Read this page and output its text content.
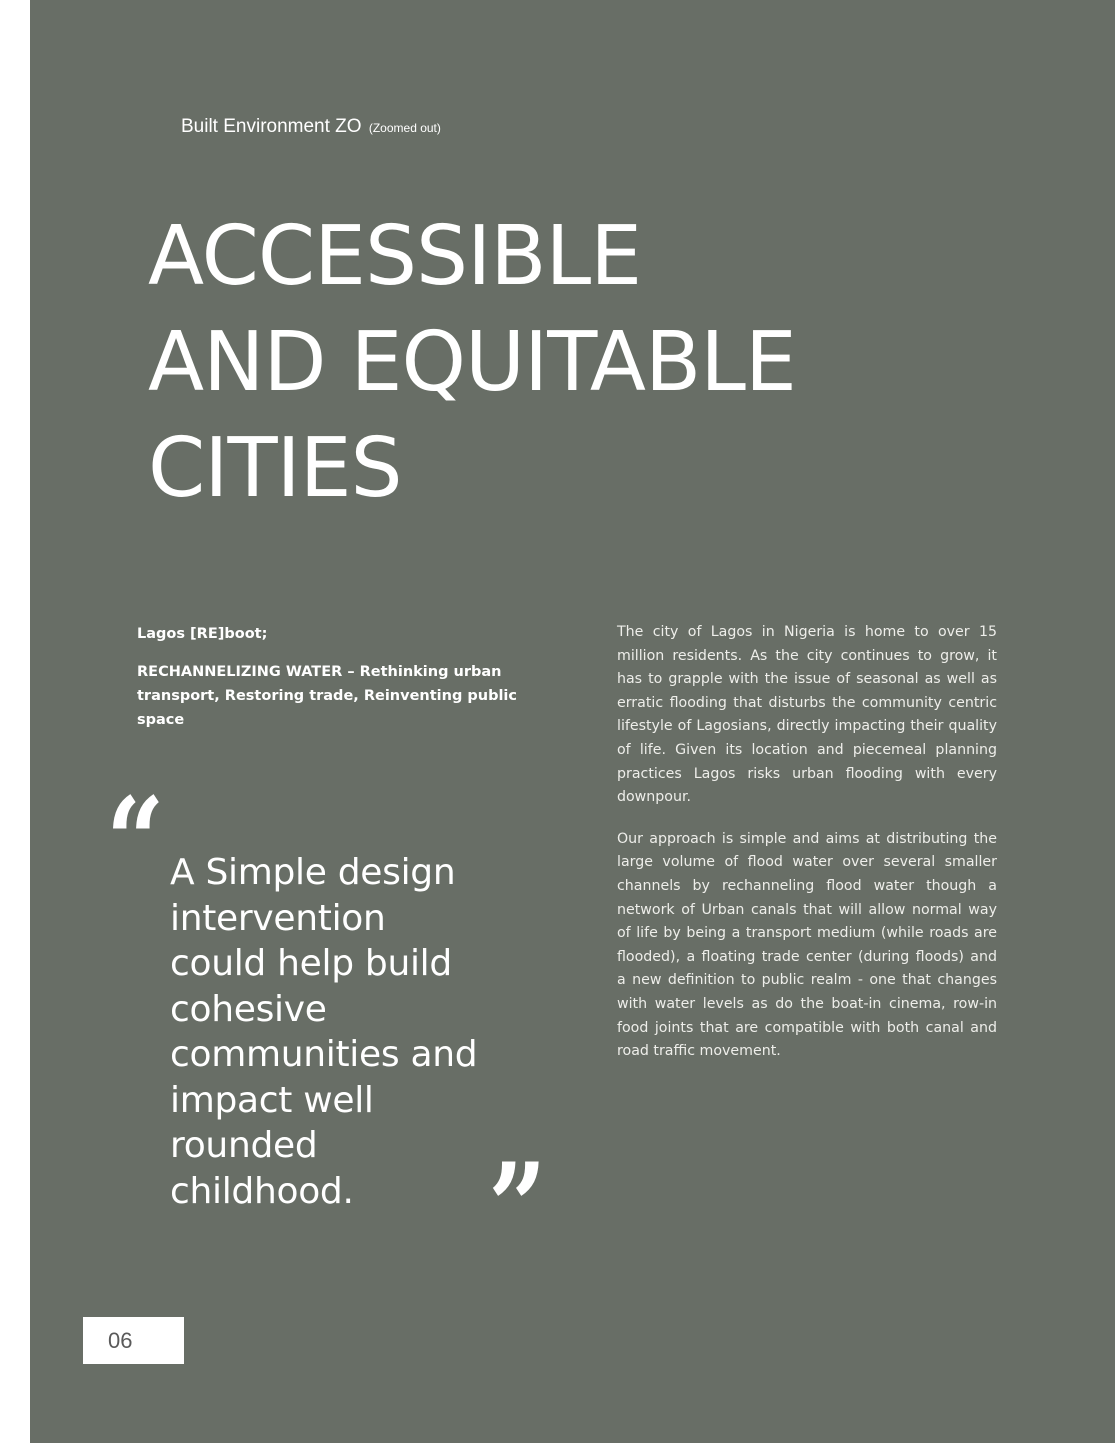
Built Environment ZO (Zoomed out)
ACCESSIBLE
AND EQUITABLE
CITIES

Lagos [RE]boot;

RECHANNELIZING WATER – Rethinking urban transport, Restoring trade, Reinventing public space

“ A Simple design
intervention
could help build
cohesive
communities and
impact well
rounded
childhood.	”

The city of Lagos in Nigeria is home to over 15 million residents. As the city continues to grow, it has to grapple with the issue of seasonal as well as erratic flooding that disturbs the community centric lifestyle of Lagosians, directly impacting their quality of life. Given its location and piecemeal planning practices Lagos risks urban flooding with every downpour.

Our approach is simple and aims at distributing the large volume of flood water over several smaller channels by rechanneling flood water though a network of Urban canals that will allow normal way of life by being a transport medium (while roads are flooded), a floating trade center (during floods) and a new definition to public realm - one that changes with water levels as do the boat-in cinema, row-in food joints that are compatible with both canal and road traffic movement.

06
